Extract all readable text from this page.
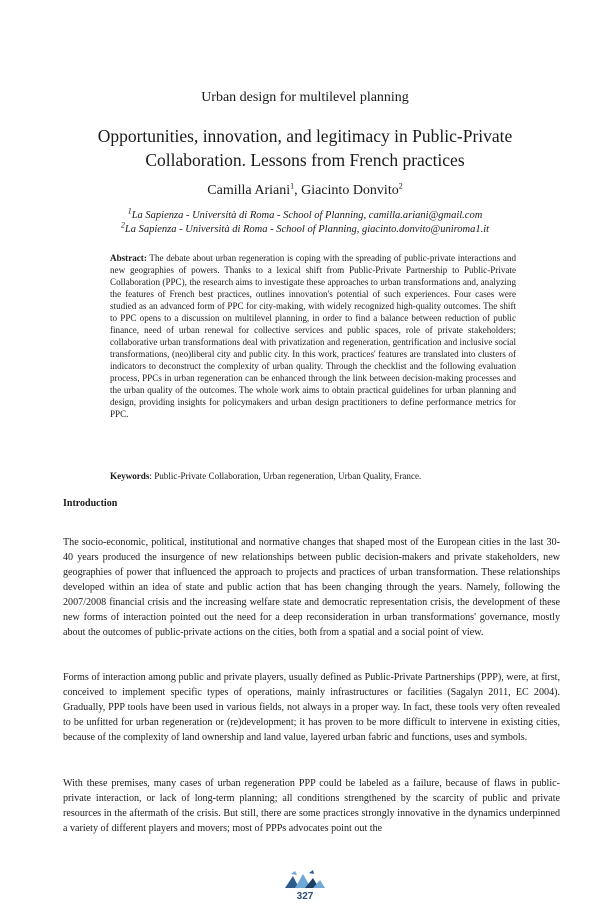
Urban design for multilevel planning
Opportunities, innovation, and legitimacy in Public-Private Collaboration. Lessons from French practices
Camilla Ariani$^1$, Giacinto Donvito$^2$
$^1$La Sapienza - Università di Roma - School of Planning, camilla.ariani@gmail.com
$^2$La Sapienza - Università di Roma - School of Planning, giacinto.donvito@uniroma1.it
Abstract: The debate about urban regeneration is coping with the spreading of public-private interactions and new geographies of powers. Thanks to a lexical shift from Public-Private Partnership to Public-Private Collaboration (PPC), the research aims to investigate these approaches to urban transformations and, analyzing the features of French best practices, outlines innovation's potential of such experiences. Four cases were studied as an advanced form of PPC for city-making, with widely recognized high-quality outcomes. The shift to PPC opens to a discussion on multilevel planning, in order to find a balance between reduction of public finance, need of urban renewal for collective services and public spaces, role of private stakeholders; collaborative urban transformations deal with privatization and regeneration, gentrification and inclusive social transformations, (neo)liberal city and public city. In this work, practices' features are translated into clusters of indicators to deconstruct the complexity of urban quality. Through the checklist and the following evaluation process, PPCs in urban regeneration can be enhanced through the link between decision-making processes and the urban quality of the outcomes. The whole work aims to obtain practical guidelines for urban planning and design, providing insights for policymakers and urban design practitioners to define performance metrics for PPC.
Keywords: Public-Private Collaboration, Urban regeneration, Urban Quality, France.
Introduction
The socio-economic, political, institutional and normative changes that shaped most of the European cities in the last 30-40 years produced the insurgence of new relationships between public decision-makers and private stakeholders, new geographies of power that influenced the approach to projects and practices of urban transformation. These relationships developed within an idea of state and public action that has been changing through the years. Namely, following the 2007/2008 financial crisis and the increasing welfare state and democratic representation crisis, the development of these new forms of interaction pointed out the need for a deep reconsideration in urban transformations' governance, mostly about the outcomes of public-private actions on the cities, both from a spatial and a social point of view.
Forms of interaction among public and private players, usually defined as Public-Private Partnerships (PPP), were, at first, conceived to implement specific types of operations, mainly infrastructures or facilities (Sagalyn 2011, EC 2004). Gradually, PPP tools have been used in various fields, not always in a proper way. In fact, these tools very often revealed to be unfitted for urban regeneration or (re)development; it has proven to be more difficult to intervene in existing cities, because of the complexity of land ownership and land value, layered urban fabric and functions, uses and symbols.
With these premises, many cases of urban regeneration PPP could be labeled as a failure, because of flaws in public-private interaction, or lack of long-term planning; all conditions strengthened by the scarcity of public and private resources in the aftermath of the crisis. But still, there are some practices strongly innovative in the dynamics underpinned a variety of different players and movers; most of PPPs advocates point out the
327
